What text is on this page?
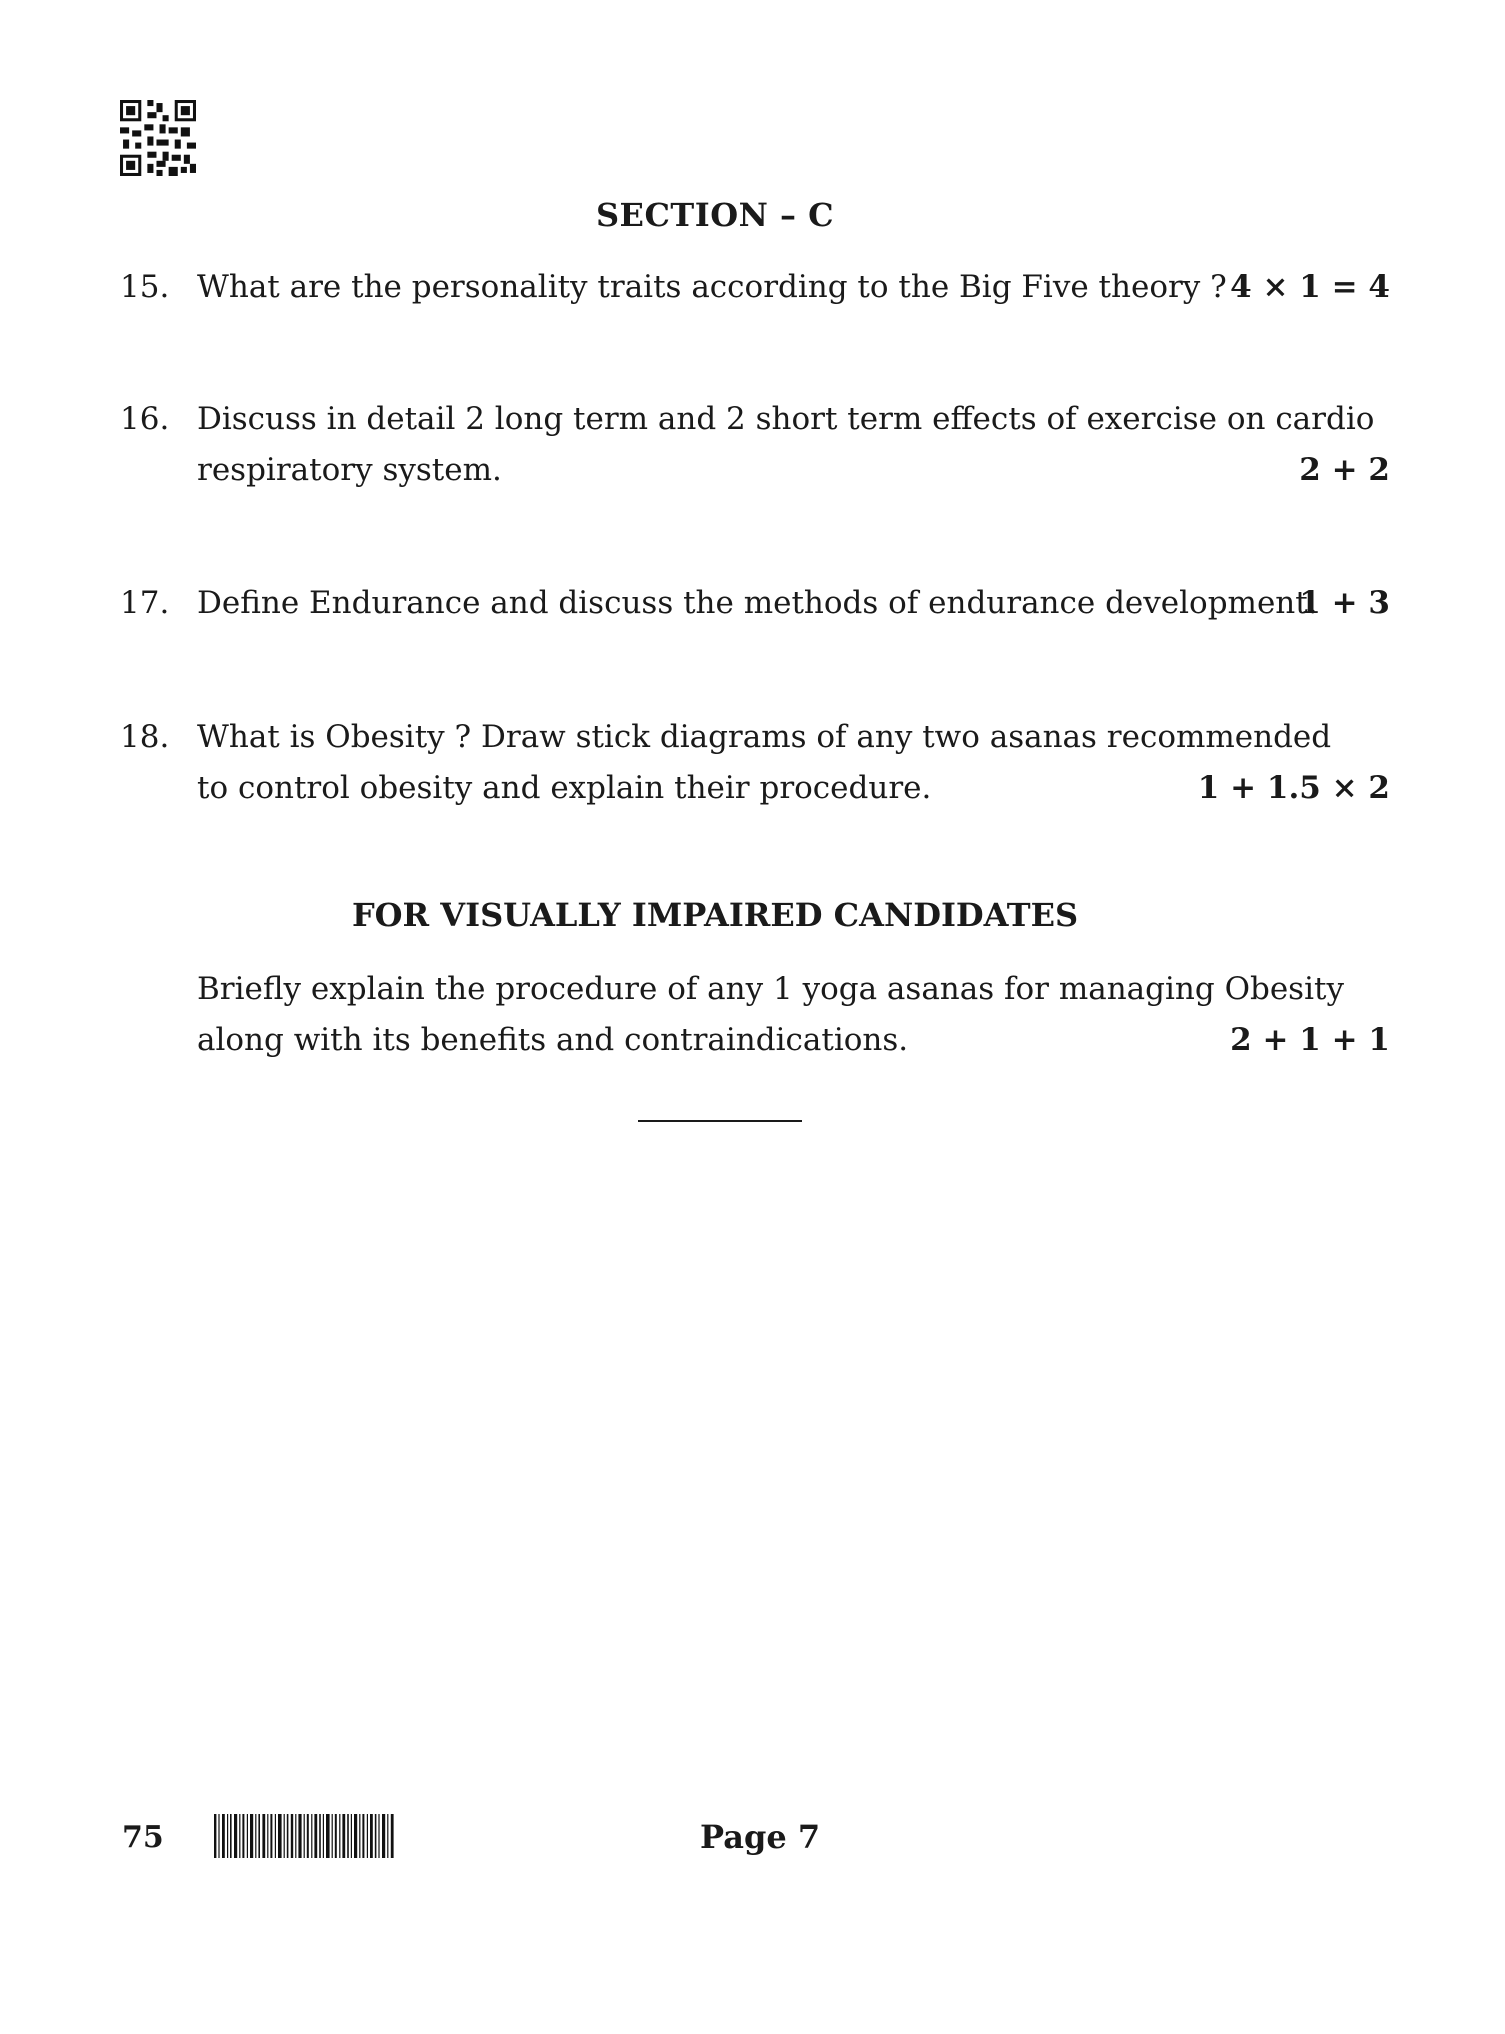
SECTION – C
15. What are the personality traits according to the Big Five theory ? 4 × 1 = 4
16. Discuss in detail 2 long term and 2 short term effects of exercise on cardio
respiratory system.	2 + 2
17. Define Endurance and discuss the methods of endurance development.
1 + 3
18. What is Obesity ? Draw stick diagrams of any two asanas recommended
to control obesity and explain their procedure.	1 + 1.5 × 2
FOR VISUALLY IMPAIRED CANDIDATES
Briefly explain the procedure of any 1 yoga asanas for managing Obesity
along with its benefits and contraindications.	2 + 1 + 1
75	Page 7
